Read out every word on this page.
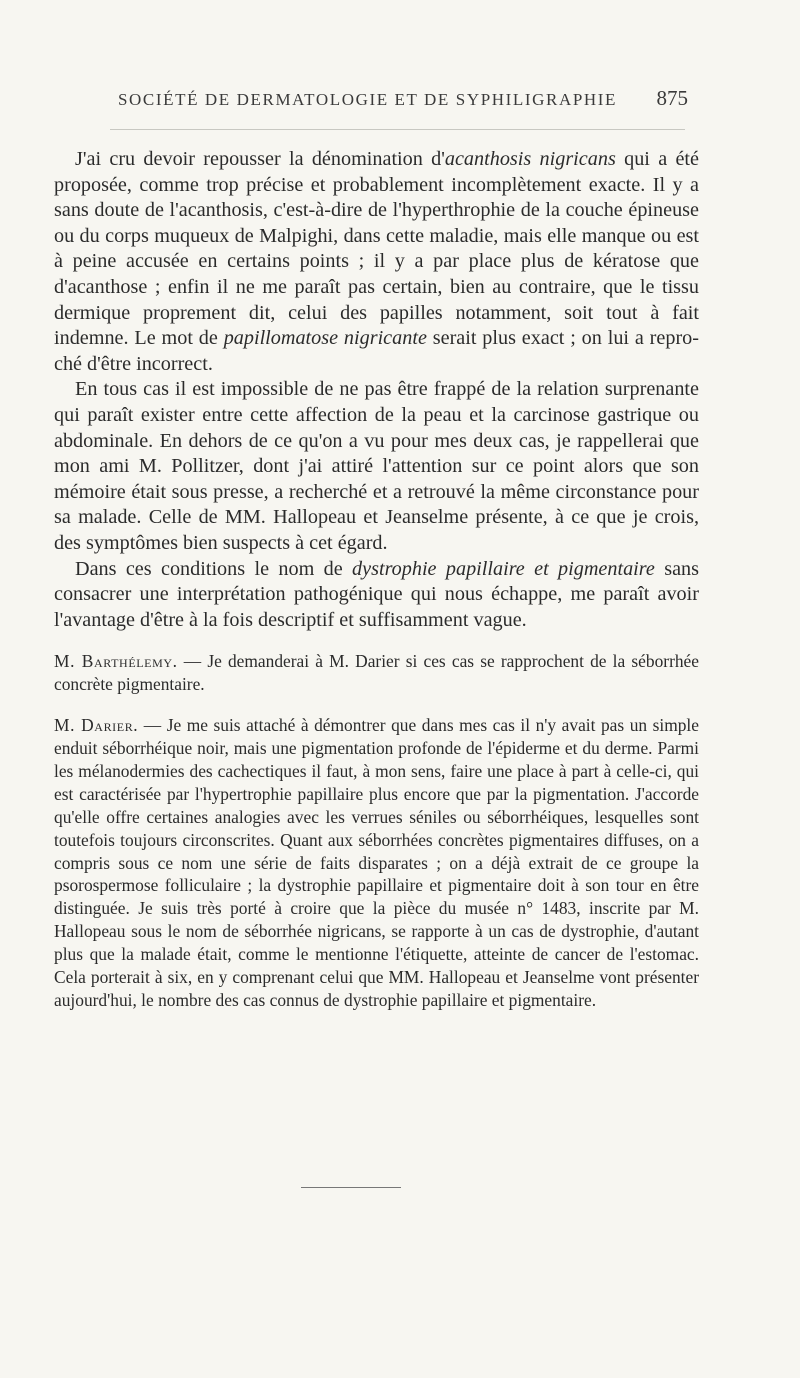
SOCIÉTÉ DE DERMATOLOGIE ET DE SYPHILIGRAPHIE 875

J'ai cru devoir repousser la dénomination d'acanthosis nigricans qui a été proposée, comme trop précise et probablement incomplètement exacte. Il y a sans doute de l'acanthosis, c'est-à-dire de l'hyperthrophie de la couche épineuse ou du corps muqueux de Malpighi, dans cette maladie, mais elle manque ou est à peine accusée en certains points ; il y a par place plus de kératose que d'acanthose ; enfin il ne me paraît pas certain, bien au contraire, que le tissu dermique proprement dit, celui des papilles notamment, soit tout à fait indemne. Le mot de papillomatose nigricante serait plus exact ; on lui a reproché d'être incorrect.

En tous cas il est impossible de ne pas être frappé de la relation surprenante qui paraît exister entre cette affection de la peau et la carcinose gastrique ou abdominale. En dehors de ce qu'on a vu pour mes deux cas, je rappellerai que mon ami M. Pollitzer, dont j'ai attiré l'attention sur ce point alors que son mémoire était sous presse, a recherché et a retrouvé la même circonstance pour sa malade. Celle de MM. Hallopeau et Jeanselme présente, à ce que je crois, des symptômes bien suspects à cet égard.

Dans ces conditions le nom de dystrophie papillaire et pigmentaire sans consacrer une interprétation pathogénique qui nous échappe, me paraît avoir l'avantage d'être à la fois descriptif et suffisamment vague.

M. Barthélemy. — Je demanderai à M. Darier si ces cas se rapprochent de la séborrhée concrète pigmentaire.

M. Darier. — Je me suis attaché à démontrer que dans mes cas il n'y avait pas un simple enduit séborrhéique noir, mais une pigmentation profonde de l'épiderme et du derme. Parmi les mélanodermies des cachectiques il faut, à mon sens, faire une place à part à celle-ci, qui est caractérisée par l'hypertrophie papillaire plus encore que par la pigmentation. J'accorde qu'elle offre certaines analogies avec les verrues séniles ou séborrhéiques, lesquelles sont toutefois toujours circonscrites. Quant aux séborrhées concrètes pigmentaires diffuses, on a compris sous ce nom une série de faits disparates ; on a déjà extrait de ce groupe la psorospermose folliculaire ; la dystrophie papillaire et pigmentaire doit à son tour en être distinguée. Je suis très porté à croire que la pièce du musée n° 1483, inscrite par M. Hallopeau sous le nom de séborrhée nigricans, se rapporte à un cas de dystrophie, d'autant plus que la malade était, comme le mentionne l'étiquette, atteinte de cancer de l'estomac. Cela porterait à six, en y comprenant celui que MM. Hallopeau et Jeanselme vont présenter aujourd'hui, le nombre des cas connus de dystrophie papillaire et pigmentaire.
